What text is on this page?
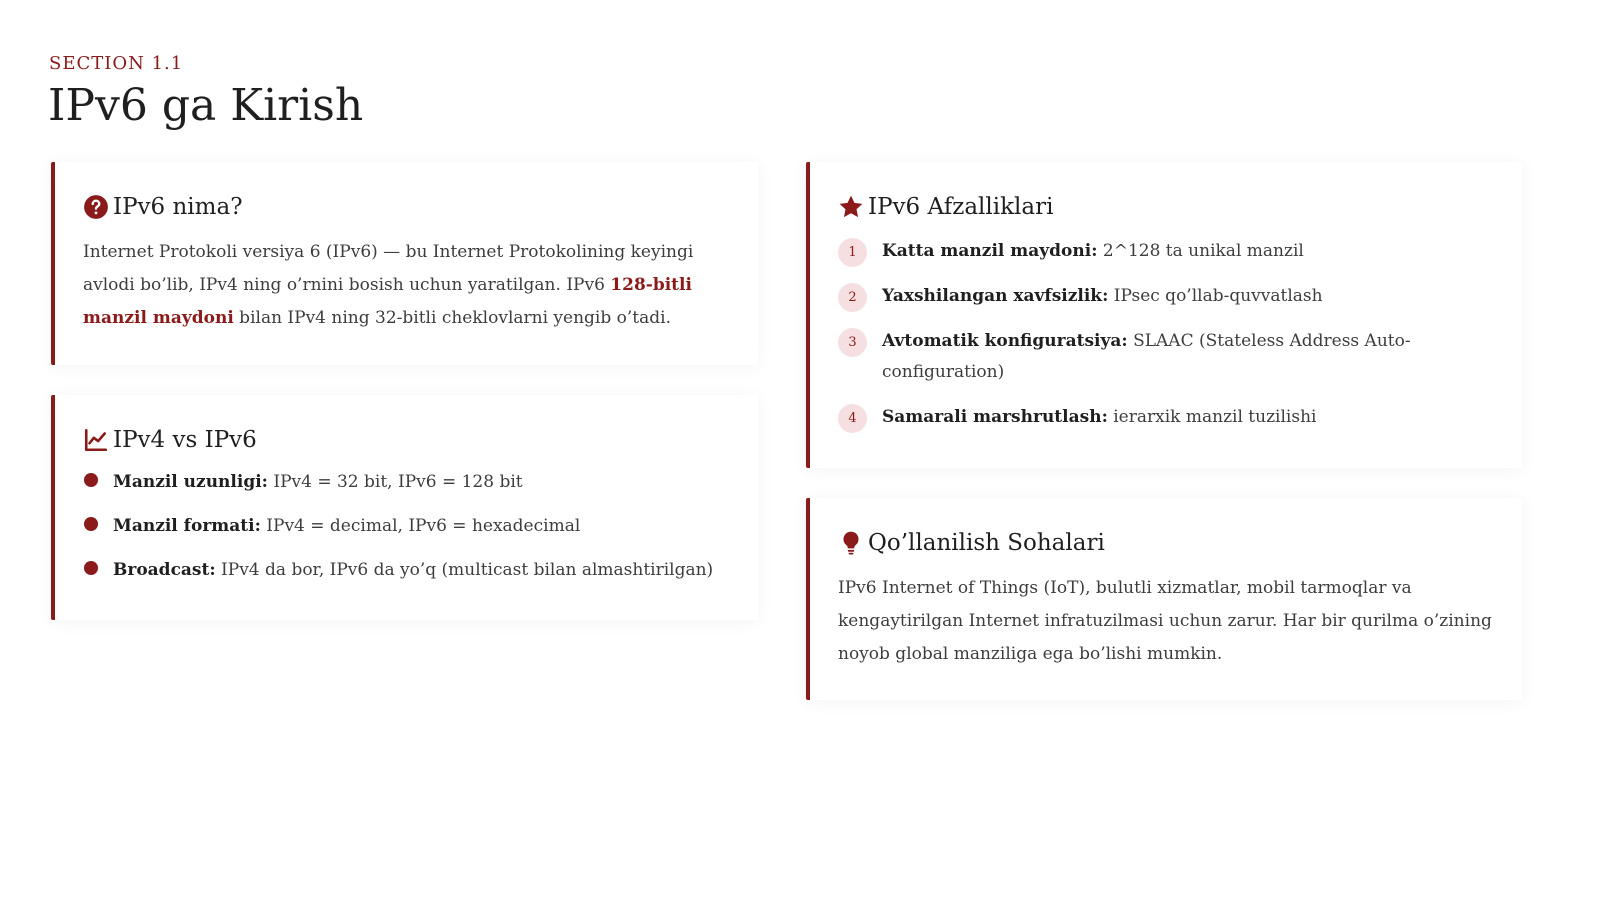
SECTION 1.1
IPv6 ga Kirish
IPv6 nima?

Internet Protokoli versiya 6 (IPv6) — bu Internet Protokolining keyingi avlodi bo’lib, IPv4 ning o’rnini bosish uchun yaratilgan. IPv6 128-bitli manzil maydoni bilan IPv4 ning 32-bitli cheklovlarni yengib o’tadi.

IPv4 vs IPv6
Manzil uzunligi: IPv4 = 32 bit, IPv6 = 128 bit
Manzil formati: IPv4 = decimal, IPv6 = hexadecimal
Broadcast: IPv4 da bor, IPv6 da yo’q (multicast bilan almashtirilgan)
IPv6 Afzalliklari
1	Katta manzil maydoni: 2^128 ta unikal manzil
2	Yaxshilangan xavfsizlik: IPsec qo’llab-quvvatlash
3	Avtomatik konfiguratsiya: SLAAC (Stateless Address Auto-configuration)
4	Samarali marshrutlash: ierarxik manzil tuzilishi
Qo’llanilish Sohalari

IPv6 Internet of Things (IoT), bulutli xizmatlar, mobil tarmoqlar va kengaytirilgan Internet infratuzilmasi uchun zarur. Har bir qurilma o’zining noyob global manziliga ega bo’lishi mumkin.
